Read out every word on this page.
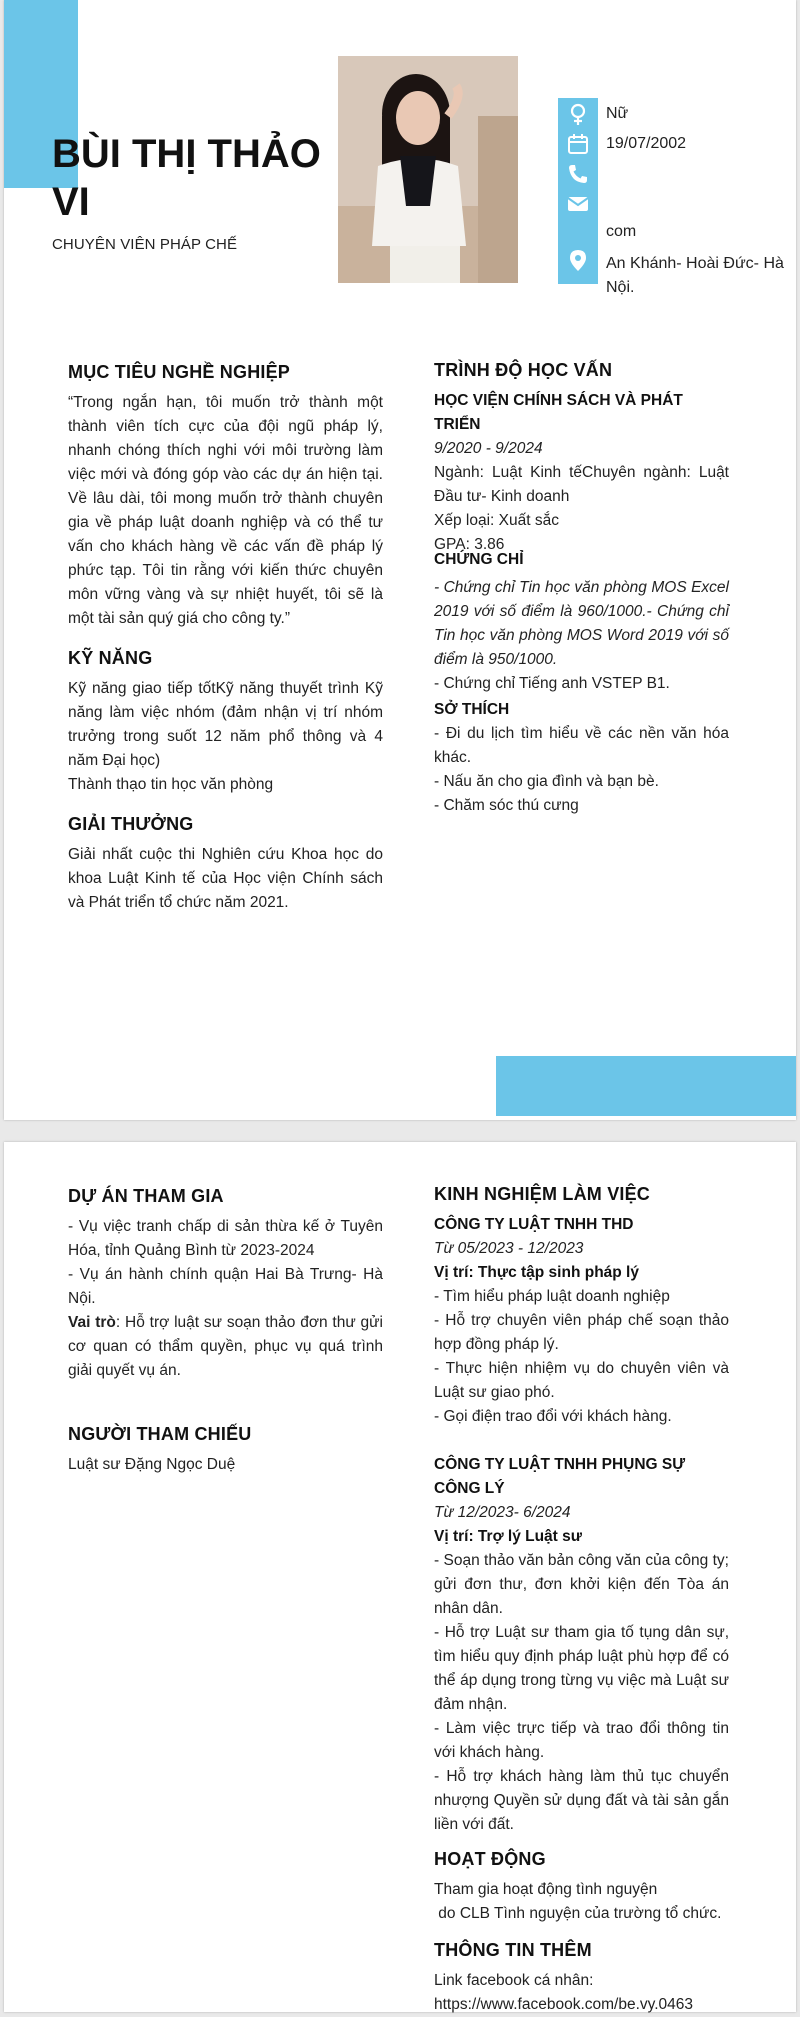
BÙI THỊ THẢO VI
CHUYÊN VIÊN PHÁP CHẾ
Nữ
19/07/2002
com
An Khánh- Hoài Đức- Hà Nội.
MỤC TIÊU NGHỀ NGHIỆP

“Trong ngắn hạn, tôi muốn trở thành một thành viên tích cực của đội ngũ pháp lý, nhanh chóng thích nghi với môi trường làm việc mới và đóng góp vào các dự án hiện tại. Về lâu dài, tôi mong muốn trở thành chuyên gia về pháp luật doanh nghiệp và có thể tư vấn cho khách hàng về các vấn đề pháp lý phức tạp. Tôi tin rằng với kiến thức chuyên môn vững vàng và sự nhiệt huyết, tôi sẽ là một tài sản quý giá cho công ty.”

KỸ NĂNG

Kỹ năng giao tiếp tốtKỹ năng thuyết trình Kỹ năng làm việc nhóm (đảm nhận vị trí nhóm trưởng trong suốt 12 năm phổ thông và 4 năm Đại học)

Thành thạo tin học văn phòng

GIẢI THƯỞNG

Giải nhất cuộc thi Nghiên cứu Khoa học do khoa Luật Kinh tế của Học viện Chính sách và Phát triển tổ chức năm 2021.

TRÌNH ĐỘ HỌC VẤN

HỌC VIỆN CHÍNH SÁCH VÀ PHÁT TRIỂN

9/2020 - 9/2024

Ngành: Luật Kinh tếChuyên ngành: Luật Đầu tư- Kinh doanh

Xếp loại: Xuất sắc

GPA: 3.86

CHỨNG CHỈ

- Chứng chỉ Tin học văn phòng MOS Excel 2019 với số điểm là 960/1000.- Chứng chỉ Tin học văn phòng MOS Word 2019 với số điểm là 950/1000.

- Chứng chỉ Tiếng anh VSTEP B1.

SỞ THÍCH

- Đi du lịch tìm hiểu về các nền văn hóa khác.

- Nấu ăn cho gia đình và bạn bè.

- Chăm sóc thú cưng

DỰ ÁN THAM GIA

- Vụ việc tranh chấp di sản thừa kế ở Tuyên Hóa, tỉnh Quảng Bình từ 2023-2024

- Vụ án hành chính quận Hai Bà Trưng- Hà Nội.

Vai trò: Hỗ trợ luật sư soạn thảo đơn thư gửi cơ quan có thẩm quyền, phục vụ quá trình giải quyết vụ án.

NGƯỜI THAM CHIẾU

Luật sư Đặng Ngọc Duệ

KINH NGHIỆM LÀM VIỆC

CÔNG TY LUẬT TNHH THD

Từ 05/2023 - 12/2023

Vị trí: Thực tập sinh pháp lý

- Tìm hiểu pháp luật doanh nghiệp

- Hỗ trợ chuyên viên pháp chế soạn thảo hợp đồng pháp lý.

- Thực hiện nhiệm vụ do chuyên viên và Luật sư giao phó.

- Gọi điện trao đổi với khách hàng.

CÔNG TY LUẬT TNHH PHỤNG SỰ CÔNG LÝ

Từ 12/2023- 6/2024

Vị trí: Trợ lý Luật sư

- Soạn thảo văn bản công văn của công ty; gửi đơn thư, đơn khởi kiện đến Tòa án nhân dân.

- Hỗ trợ Luật sư tham gia tố tụng dân sự, tìm hiểu quy định pháp luật phù hợp để có thể áp dụng trong từng vụ việc mà Luật sư đảm nhận.

- Làm việc trực tiếp và trao đổi thông tin với khách hàng.

- Hỗ trợ khách hàng làm thủ tục chuyển nhượng Quyền sử dụng đất và tài sản gắn liền với đất.

HOẠT ĐỘNG

Tham gia hoạt động tình nguyện

do CLB Tình nguyện của trường tổ chức.

THÔNG TIN THÊM

Link facebook cá nhân:

https://www.facebook.com/be.vy.0463
